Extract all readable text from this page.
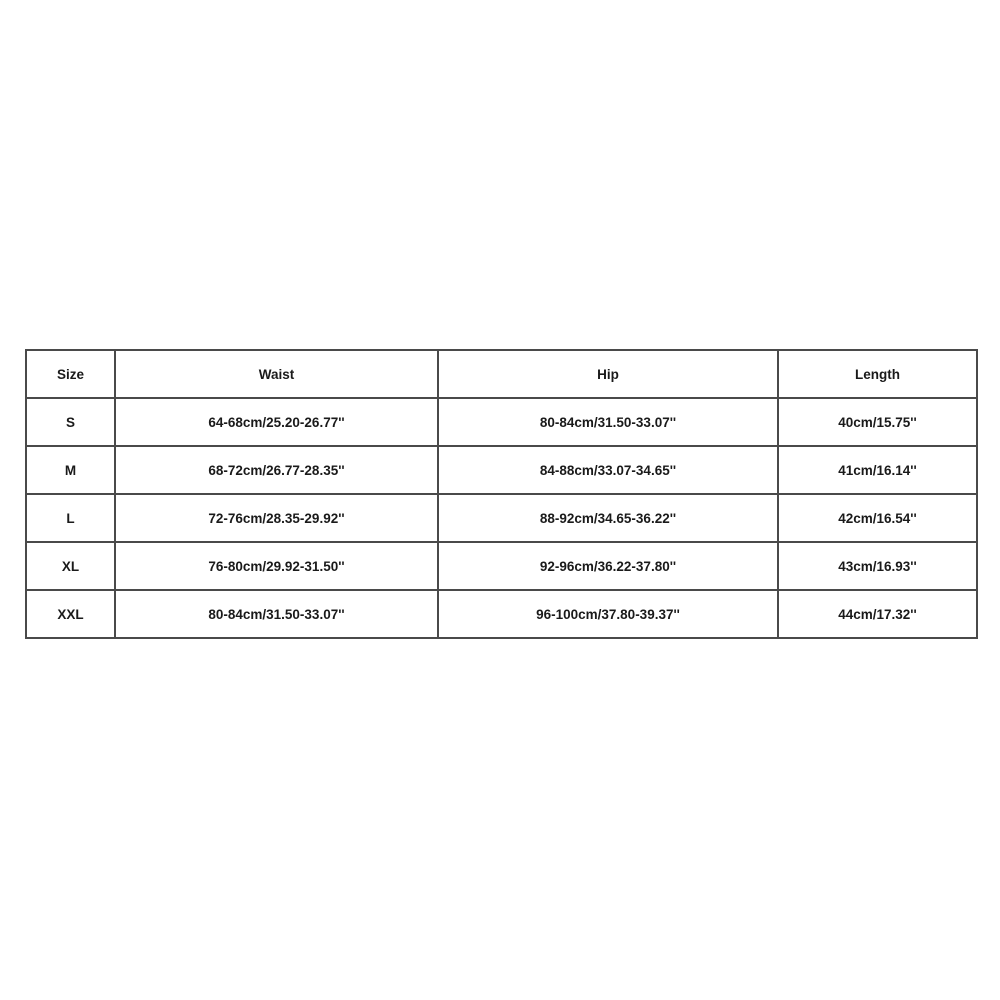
Size	Waist	Hip	Length
S	64-68cm/25.20-26.77''	80-84cm/31.50-33.07''	40cm/15.75''
M	68-72cm/26.77-28.35''	84-88cm/33.07-34.65''	41cm/16.14''
L	72-76cm/28.35-29.92''	88-92cm/34.65-36.22''	42cm/16.54''
XL	76-80cm/29.92-31.50''	92-96cm/36.22-37.80''	43cm/16.93''
XXL	80-84cm/31.50-33.07''	96-100cm/37.80-39.37''	44cm/17.32''
